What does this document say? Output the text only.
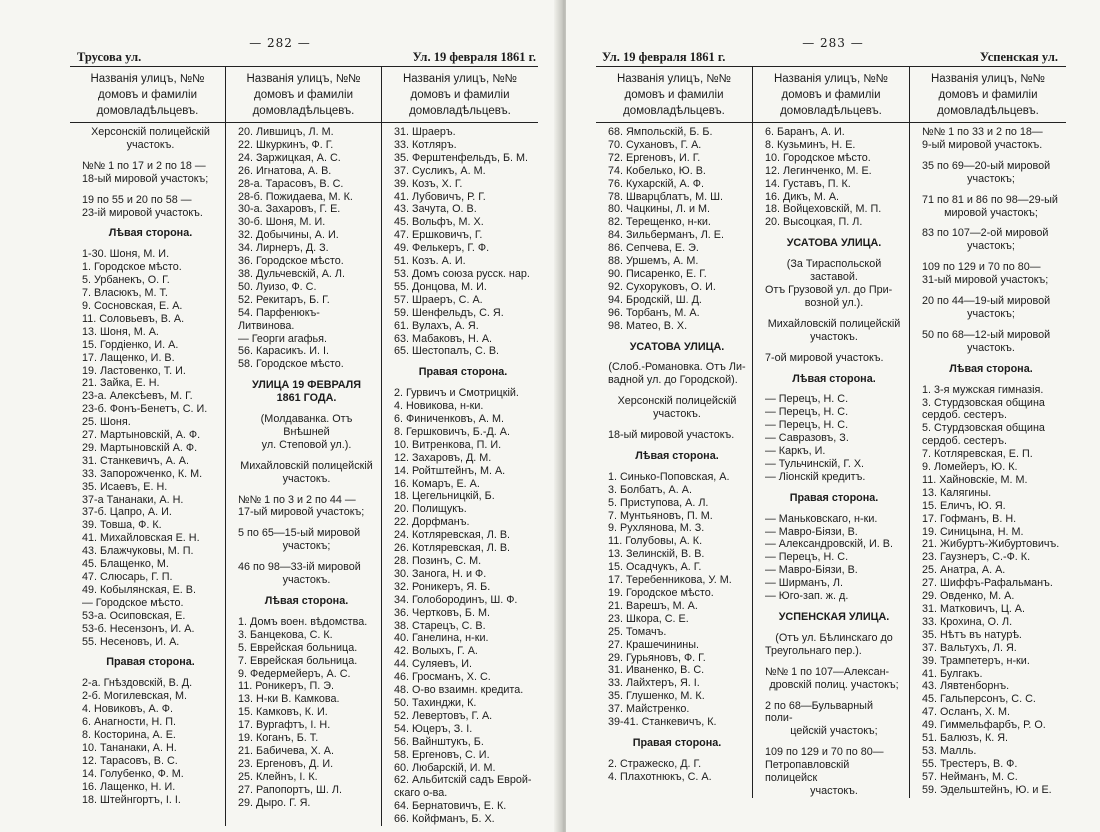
— 282 —
Трусова ул.	Ул. 19 февраля 1861 г.
Названія улицъ, №№
домовъ и фамиліи
домовладѣльцевъ.
Херсонскій полицейскій
участокъ.
№№ 1 по 17 и 2 по 18 —
18-ый мировой участокъ;
19 по 55 и 20 по 58 —
23-ій мировой участокъ.
Лѣвая сторона.
1-30. Шоня, М. И.
1. Городское мѣсто.
5. Урбанекъ, О. Г.
7. Влаcюкъ, М. Т.
9. Сосновская, Е. А.
11. Соловьевъ, В. А.
13. Шоня, М. А.
15. Гордіенко, И. А.
17. Лащенко, И. В.
19. Ластовенко, Т. И.
21. Зайка, Е. Н.
23-а. Алексѣевъ, М. Г.
23-б. Фонъ-Бенетъ, С. И.
25. Шоня.
27. Мартыновскій, А. Ф.
29. Мартыновскій А. Ф.
31. Станкевичъ, А. А.
33. Запорожченко, К. М.
35. Исаевъ, Е. Н.
37-а Тананаки, А. Н.
37-б. Цапро, А. И.
39. Товша, Ф. К.
41. Михайловская Е. Н.
43. Блажчуковы, М. П.
45. Блащенко, М.
47. Слюсарь, Г. П.
49. Кобылянская, Е. В.
— Городское мѣсто.
53-а. Осиповская, Е.
53-б. Несензонъ, И. А.
55. Несеновъ, И. А.
Правая сторона.
2-а. Гнѣздовскій, В. Д.
2-б. Могилевская, М.
4. Новиковъ, А. Ф.
6. Анагности, Н. П.
8. Косторина, А. Е.
10. Тананаки, А. Н.
12. Тарасовъ, В. С.
14. Голубенко, Ф. М.
16. Лащенко, Н. И.
18. Штейнгортъ, І. І.
Названія улицъ, №№
домовъ и фамиліи
домовладѣльцевъ.
20. Лившицъ, Л. М.
22. Шкуркинъ, Ф. Г.
24. Заржицкая, А. С.
26. Игнатова, А. В.
28-а. Тарасовъ, В. С.
28-б. Пожидаева, М. К.
30-а. Захаровъ, Г. Е.
30-б. Шоня, М. И.
32. Добычины, А. И.
34. Лирнеръ, Д. З.
36. Городское мѣсто.
38. Дульчевскій, А. Л.
50. Луизо, Ф. С.
52. Рекитаръ, Б. Г.
54. Парфенюкъ-Литвинова.
— Георги агафья.
56. Карасикъ. И. І.
58. Городское мѣсто.
УЛИЦА 19 ФЕВРАЛЯ
1861 ГОДА.
(Молдаванка. Отъ Внѣшней
ул. Степовой ул.).
Михайловскій полицейскій
участокъ.
№№ 1 по 3 и 2 по 44 —
17-ый мировой участокъ;
5 по 65—15-ый мировой
участокъ;
46 по 98—33-ій мировой
участокъ.
Лѣвая сторона.
1. Домъ воен. вѣдомства.
3. Банцекова, С. К.
5. Еврейская больница.
7. Еврейская больница.
9. Федермейеръ, А. С.
11. Роникеръ, П. Э.
13. Н-ки В. Камкова.
15. Камковъ, К. И.
17. Вургафтъ, І. Н.
19. Коганъ, Б. Т.
21. Бабичева, Х. А.
23. Ергеновъ, Д. И.
25. Клейнъ, І. К.
27. Рапопортъ, Ш. Л.
29. Дыро. Г. Я.
Названія улицъ, №№
домовъ и фамиліи
домовладѣльцевъ.
31. Шраеръ.
33. Котляръ.
35. Ферштенфельдъ, Б. М.
37. Суcликъ, А. М.
39. Козъ, Х. Г.
41. Лубовичъ, Р. Г.
43. Зачута, О. В.
45. Вольфъ, М. Х.
47. Ершковичъ, Г.
49. Фелькеръ, Г. Ф.
51. Козъ. А. И.
53. Домъ союза русск. нар.
55. Донцова, М. И.
57. Шраеръ, С. А.
59. Шенфельдъ, С. Я.
61. Вулахъ, А. Я.
63. Мабаковъ, Н. А.
65. Шестопалъ, С. В.
Правая сторона.
2. Гурвичъ и Смотрицкій.
4. Новикова, н-ки.
6. Финиченковъ, А. М.
8. Гершковичъ, Б.-Д. А.
10. Витренкова, П. И.
12. Захаровъ, Д. М.
14. Ройтштейнъ, М. А.
16. Комаръ, Е. А.
18. Цегельницкій, Б.
20. Полищукъ.
22. Дорфманъ.
24. Котляревская, Л. В.
26. Котляревская, Л. В.
28. Позинъ, С. М.
30. Занога, Н. и Ф.
32. Роникеръ, Я. Б.
34. Голобородинъ, Ш. Ф.
36. Чертковъ, Б. М.
38. Старецъ, С. В.
40. Ганелина, н-ки.
42. Волыхъ, Г. А.
44. Суляевъ, И.
46. Гросманъ, Х. С.
48. О-во взаимн. кредита.
50. Тахинджи, К.
52. Левертовъ, Г. А.
54. Юцеръ, З. І.
56. Вайнштукъ, Б.
58. Ергеновъ, С. И.
60. Любарскій, И. М.
62. Альбитскій садъ Еврой-
скаго о-ва.
64. Бернатовичъ, Е. К.
66. Койфманъ, Б. Х.
— 283 —
Ул. 19 февраля 1861 г.	Успенская ул.
Названія улицъ, №№
домовъ и фамиліи
домовладѣльцевъ.
68. Ямпольскій, Б. Б.
70. Сухановъ, Г. А.
72. Ергеновъ, И. Г.
74. Кобелько, Ю. В.
76. Кухарскій, А. Ф.
78. Шварцблатъ, М. Ш.
80. Чацкины, Л. и М.
82. Терещенко, н-ки.
84. Зильберманъ, Л. Е.
86. Сепчева, Е. Э.
88. Уршемъ, А. М.
90. Писаренко, Е. Г.
92. Сухоруковъ, О. И.
94. Бродскій, Ш. Д.
96. Торбанъ, М. А.
98. Матео, В. Х.
УСАТОВА УЛИЦА.
(Слоб.-Романовка. Отъ Ли-
вадной ул. до Городской).
Херсонскій полицейскій
участокъ.
18-ый мировой участокъ.
Лѣвая сторона.
1. Синько-Поповская, А.
3. Болбатъ, А. А.
5. Приступова, А. Л.
7. Мунтьяновъ, П. М.
9. Рухлянова, М. З.
11. Голубовы, А. К.
13. Зелинскій, В. В.
15. Осадчукъ, А. Г.
17. Теребенникова, У. М.
19. Городское мѣсто.
21. Варешъ, М. А.
23. Шкора, С. Е.
25. Томачъ.
27. Крашечинины.
29. Гурьяновъ, Ф. Г.
31. Иваненко, В. С.
33. Лайхтеръ, Я. І.
35. Глушенко, М. К.
37. Майстренко.
39-41. Станкевичъ, К.
Правая сторона.
2. Стражеско, Д. Г.
4. Плахотнюкъ, С. А.
Названія улицъ, №№
домовъ и фамиліи
домовладѣльцевъ.
6. Баранъ, А. И.
8. Кузьминъ, Н. Е.
10. Городское мѣсто.
12. Легинченко, М. Е.
14. Густавъ, П. К.
16. Дикъ, М. А.
18. Войцеховскій, М. П.
20. Высоцкая, П. Л.
УСАТОВА УЛИЦА.
(За Тираспольской заставой.
Отъ Грузовой ул. до При-
возной ул.).
Михайловскій полицейскій
участокъ.
7-ой мировой участокъ.
Лѣвая сторона.
— Перецъ, Н. С.
— Перецъ, Н. С.
— Перецъ, Н. С.
— Савразовъ, З.
— Каркъ, И.
— Тульчинскій, Г. Х.
— Ліонскій кредитъ.
Правая сторона.
— Маньковскаго, н-ки.
— Мавро-Біязи, В.
— Александровскій, И. В.
— Перецъ, Н. С.
— Мавро-Біязи, В.
— Ширманъ, Л.
— Юго-зап. ж. д.
УСПЕНСКАЯ УЛИЦА.
(Отъ ул. Бѣлинскаго до
Треугольнаго пер.).
№№ 1 по 107—Алексан-
дровскій полиц. участокъ;
2 по 68—Бульварный поли-
цейскій участокъ;
109 по 129 и 70 по 80—
Петропавловскій полицейск
участокъ.
Названія улицъ, №№
домовъ и фамиліи
домовладѣльцевъ.
№№ 1 по 33 и 2 по 18—
9-ый мировой участокъ.
35 по 69—20-ый мировой
участокъ;
71 по 81 и 86 по 98—29-ый
мировой участокъ;
83 по 107—2-ой мировой
участокъ;
109 по 129 и 70 по 80—
31-ый мировой участокъ;
20 по 44—19-ый мировой
участокъ;
50 по 68—12-ый мировой
участокъ.
Лѣвая сторона.
1. 3-я мужская гимназія.
3. Стурдзовская община
сердоб. сестеръ.
5. Стурдзовская община
сердоб. сестеръ.
7. Котляревская, Е. П.
9. Ломейеръ, Ю. К.
11. Хайновскіе, М. М.
13. Калягины.
15. Еличъ, Ю. Я.
17. Гофманъ, В. Н.
19. Синицына, Н. М.
21. Жибуртъ-Жибуртовичъ.
23. Гаузнеръ, С.-Ф. К.
25. Анатра, А. А.
27. Шиффъ-Рафальманъ.
29. Овденко, М. А.
31. Матковичъ, Ц. А.
33. Крохина, О. Л.
35. Нѣтъ въ натурѣ.
37. Вальтухъ, Л. Я.
39. Трампетеръ, н-ки.
41. Булгакъ.
43. Лявтенборнъ.
45. Гальперсонъ, С. С.
47. Осланъ, Х. М.
49. Гиммельфарбъ, Р. О.
51. Балюзъ, К. Я.
53. Малль.
55. Трестеръ, В. Ф.
57. Нейманъ, М. С.
59. Эдельштейнъ, Ю. и Е.
